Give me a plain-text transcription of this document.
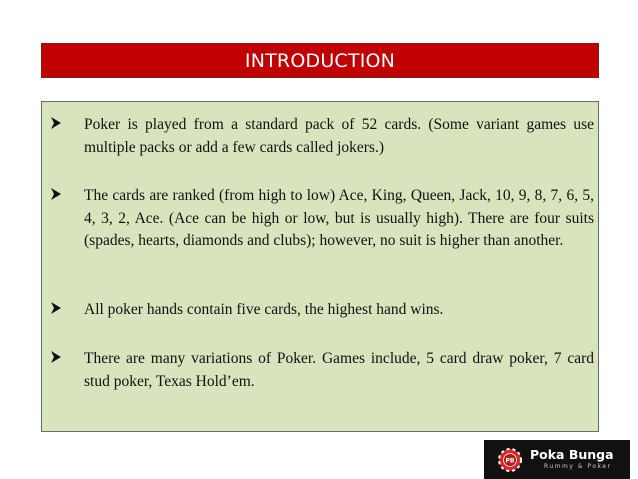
INTRODUCTION
Poker is played from a standard pack of 52 cards. (Some variant games use multiple packs or add a few cards called jokers.)
The cards are ranked (from high to low) Ace, King, Queen, Jack, 10, 9, 8, 7, 6, 5, 4, 3, 2, Ace. (Ace can be high or low, but is usually high). There are four suits (spades, hearts, diamonds and clubs); however, no suit is higher than another.
All poker hands contain five cards, the highest hand wins.
There are many variations of Poker. Games include, 5 card draw poker, 7 card stud poker, Texas Hold’em.
PB Poka Bunga
Rummy & Poker
